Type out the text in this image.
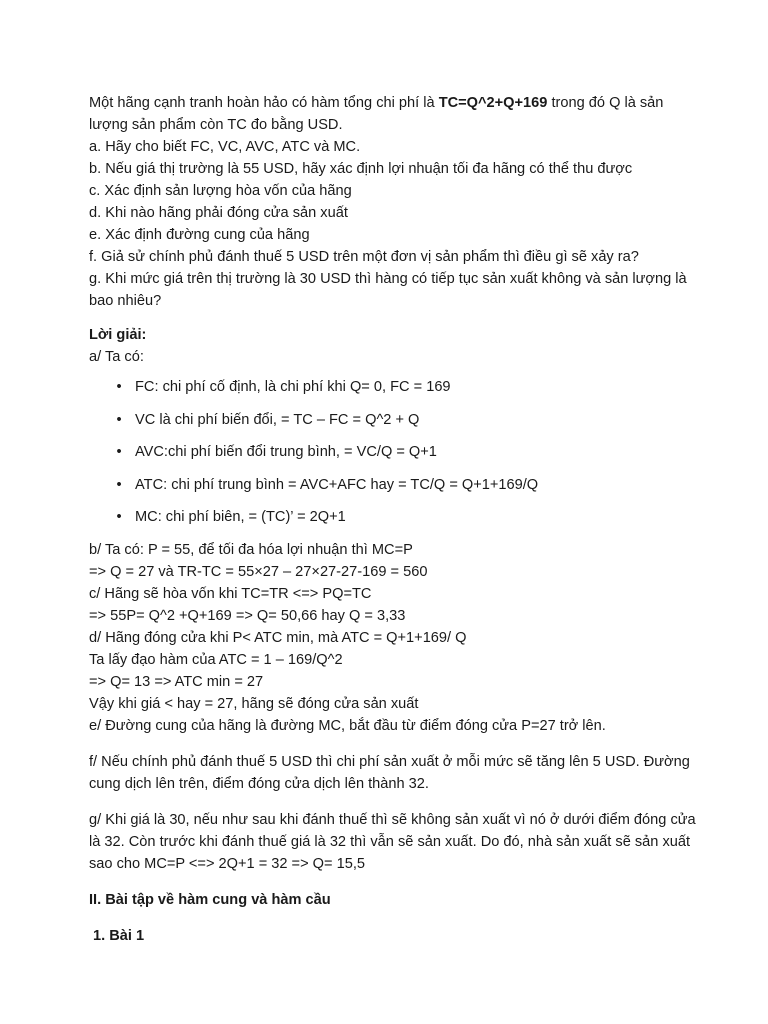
Một hãng cạnh tranh hoàn hảo có hàm tổng chi phí là TC=Q^2+Q+169 trong đó Q là sản

lượng sản phẩm còn TC đo bằng USD.

a. Hãy cho biết FC, VC, AVC, ATC và MC.

b. Nếu giá thị trường là 55 USD, hãy xác định lợi nhuận tối đa hãng có thể thu được

c. Xác định sản lượng hòa vốn của hãng

d. Khi nào hãng phải đóng cửa sản xuất

e. Xác định đường cung của hãng

f. Giả sử chính phủ đánh thuế 5 USD trên một đơn vị sản phẩm thì điều gì sẽ xảy ra?

g. Khi mức giá trên thị trường là 30 USD thì hàng có tiếp tục sản xuất không và sản lượng là

bao nhiêu?

Lời giải:

a/ Ta có:

• FC: chi phí cố định, là chi phí khi Q= 0, FC = 169
• VC là chi phí biến đổi, = TC – FC = Q^2 + Q
• AVC:chi phí biến đổi trung bình, = VC/Q = Q+1
• ATC: chi phí trung bình = AVC+AFC hay = TC/Q = Q+1+169/Q
• MC: chi phí biên, = (TC)’ = 2Q+1

b/ Ta có: P = 55, để tối đa hóa lợi nhuận thì MC=P

=> Q = 27 và TR-TC = 55×27 – 27×27-27-169 = 560

c/ Hãng sẽ hòa vốn khi TC=TR <=> PQ=TC

=> 55P= Q^2 +Q+169 => Q= 50,66 hay Q = 3,33

d/ Hãng đóng cửa khi P< ATC min, mà ATC = Q+1+169/ Q

Ta lấy đạo hàm của ATC = 1 – 169/Q^2

=> Q= 13 => ATC min = 27

Vậy khi giá < hay = 27, hãng sẽ đóng cửa sản xuất

e/ Đường cung của hãng là đường MC, bắt đầu từ điểm đóng cửa P=27 trở lên.

f/ Nếu chính phủ đánh thuế 5 USD thì chi phí sản xuất ở mỗi mức sẽ tăng lên 5 USD. Đường

cung dịch lên trên, điểm đóng cửa dịch lên thành 32.

g/ Khi giá là 30, nếu như sau khi đánh thuế thì sẽ không sản xuất vì nó ở dưới điểm đóng cửa

là 32. Còn trước khi đánh thuế giá là 32 thì vẫn sẽ sản xuất. Do đó, nhà sản xuất sẽ sản xuất

sao cho MC=P <=> 2Q+1 = 32 => Q= 15,5

II. Bài tập về hàm cung và hàm cầu

1. Bài 1
